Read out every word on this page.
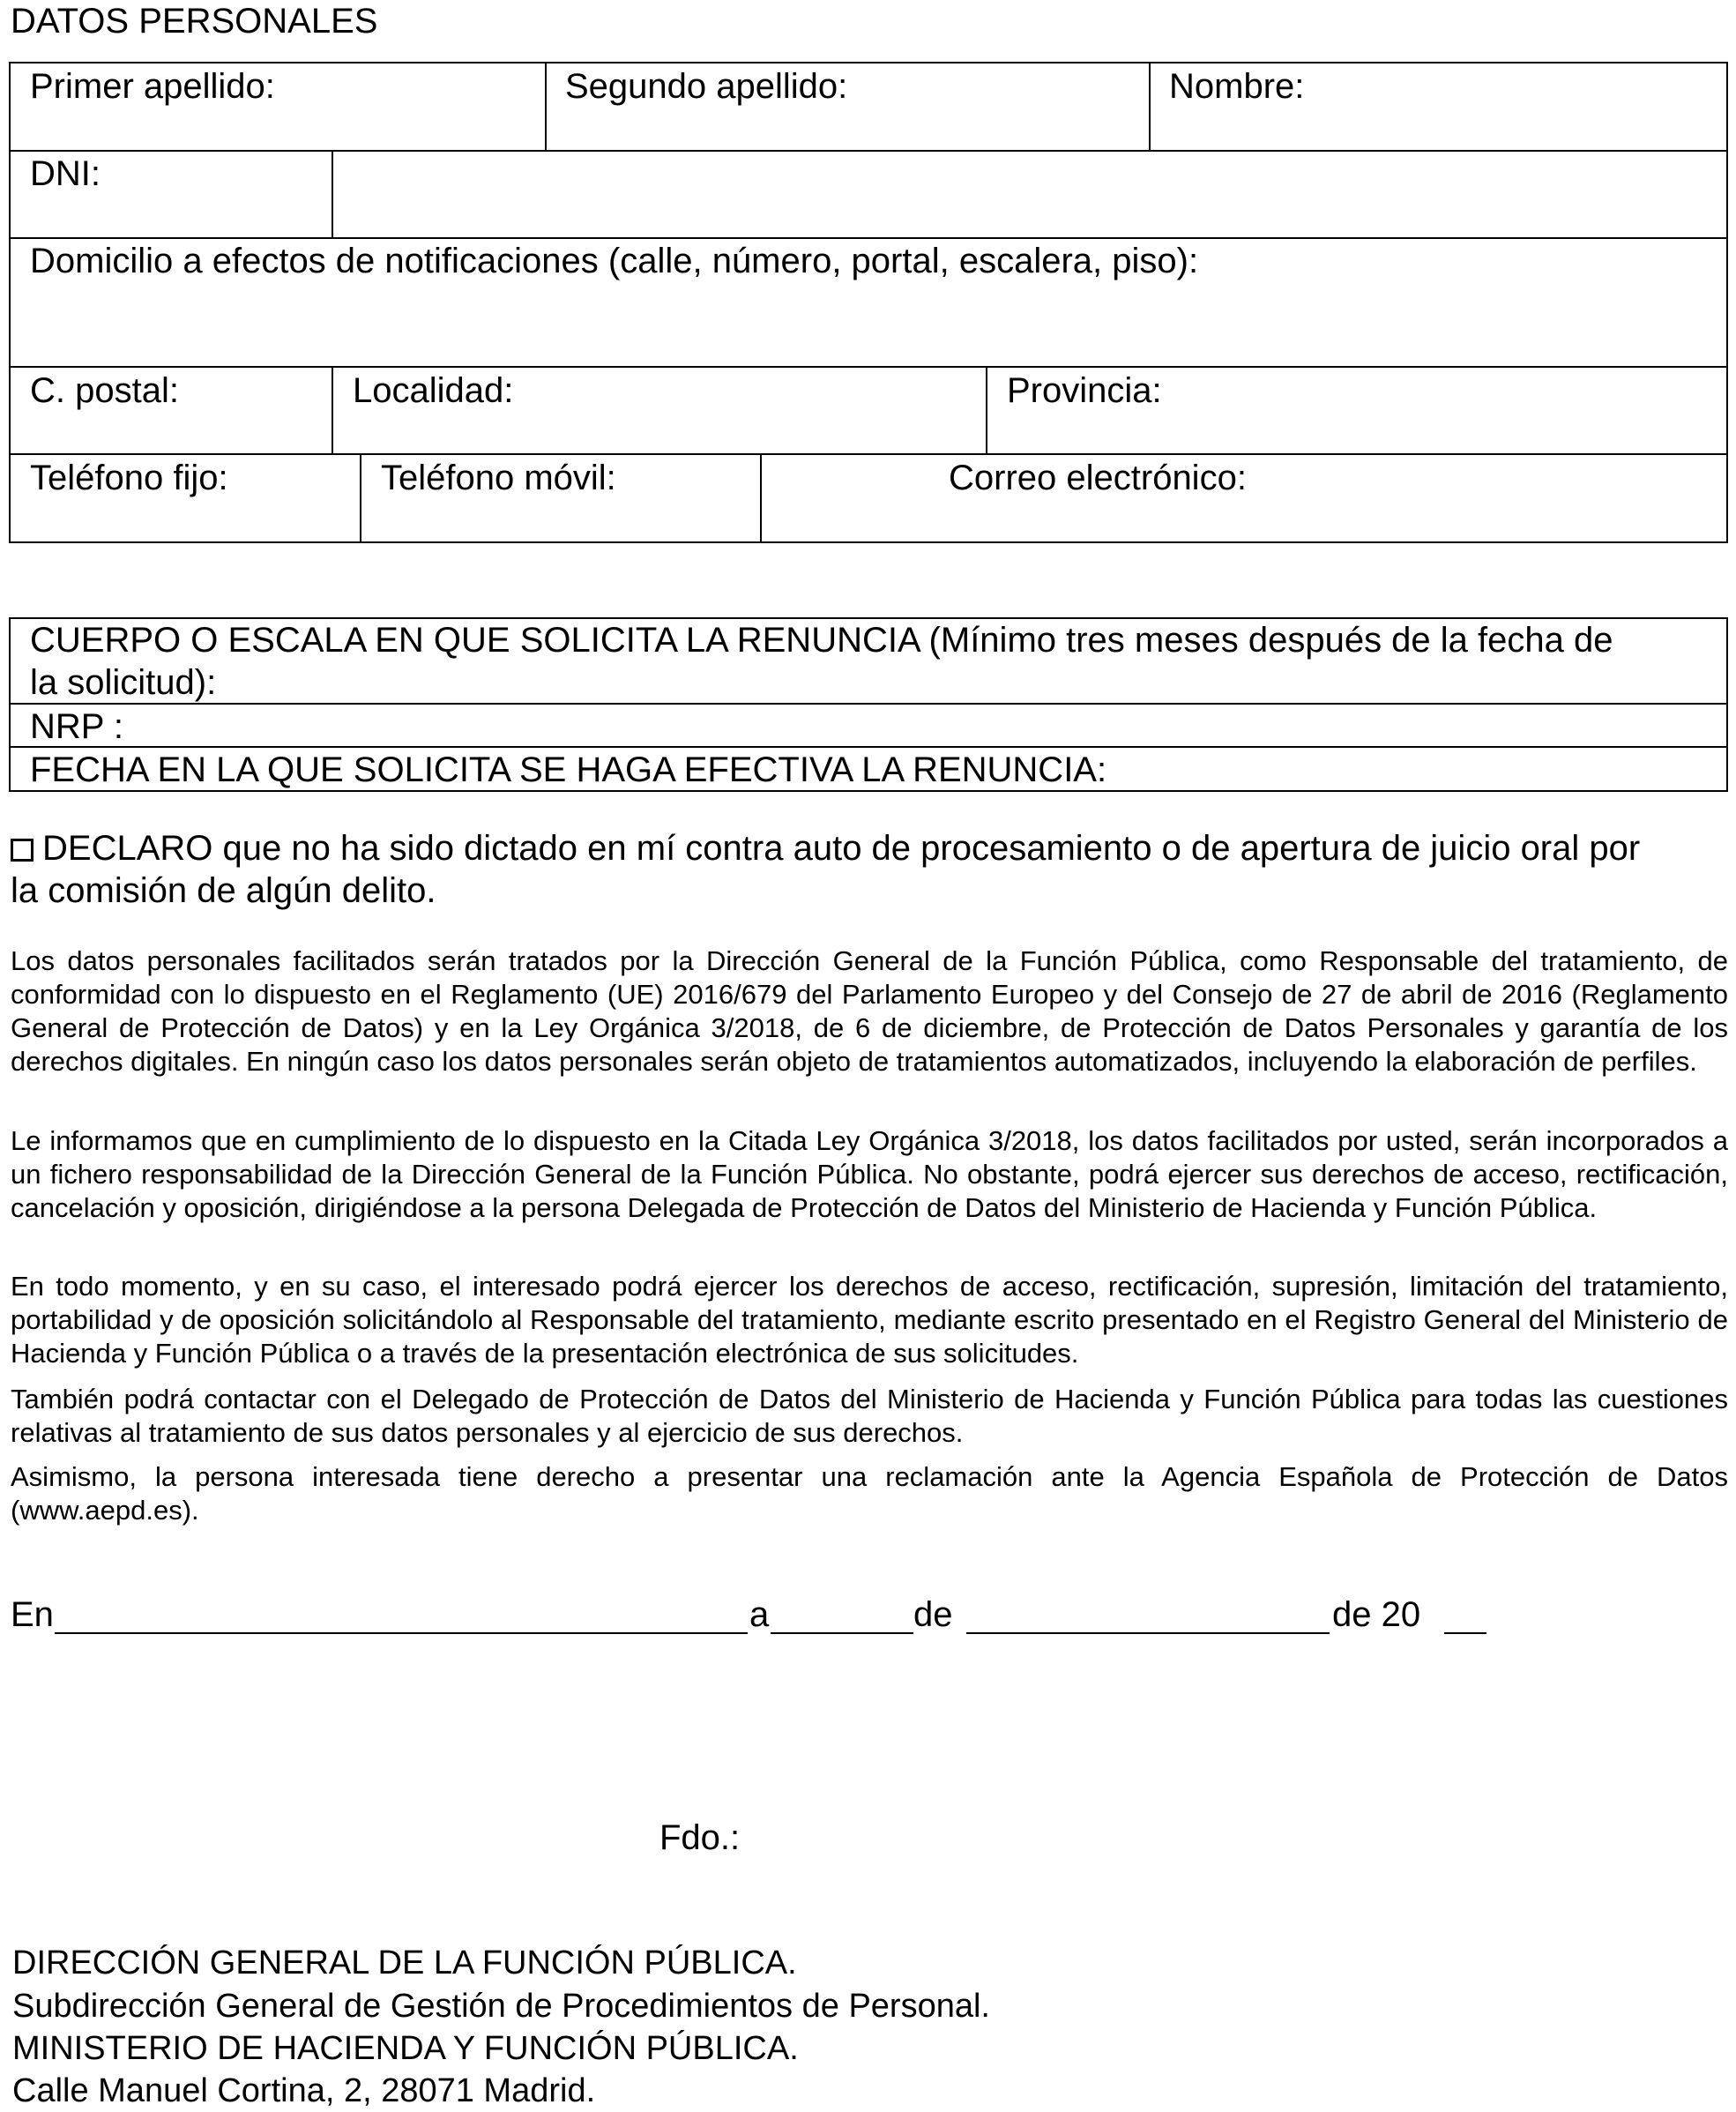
DATOS PERSONALES
Primer apellido:	Segundo apellido:	Nombre:
DNI:
Domicilio a efectos de notificaciones (calle, número, portal, escalera, piso):
C. postal:	Localidad:	Provincia:
Teléfono fijo:	Teléfono móvil:	Correo electrónico:
CUERPO O ESCALA EN QUE SOLICITA LA RENUNCIA (Mínimo tres meses después de la fecha de
la solicitud):
NRP :
FECHA EN LA QUE SOLICITA SE HAGA EFECTIVA LA RENUNCIA:
DECLARO que no ha sido dictado en mí contra auto de procesamiento o de apertura de juicio oral por
la comisión de algún delito.
Los datos personales facilitados serán tratados por la Dirección General de la Función Pública, como Responsable del tratamiento, de conformidad con lo dispuesto en el Reglamento (UE) 2016/679 del Parlamento Europeo y del Consejo de 27 de abril de 2016 (Reglamento General de Protección de Datos) y en la Ley Orgánica 3/2018, de 6 de diciembre, de Protección de Datos Personales y garantía de los derechos digitales. En ningún caso los datos personales serán objeto de tratamientos automatizados, incluyendo la elaboración de perfiles.
Le informamos que en cumplimiento de lo dispuesto en la Citada Ley Orgánica 3/2018, los datos facilitados por usted, serán incorporados a un fichero responsabilidad de la Dirección General de la Función Pública. No obstante, podrá ejercer sus derechos de acceso, rectificación, cancelación y oposición, dirigiéndose a la persona Delegada de Protección de Datos del Ministerio de Hacienda y Función Pública.
En todo momento, y en su caso, el interesado podrá ejercer los derechos de acceso, rectificación, supresión, limitación del tratamiento, portabilidad y de oposición solicitándolo al Responsable del tratamiento, mediante escrito presentado en el Registro General del Ministerio de Hacienda y Función Pública o a través de la presentación electrónica de sus solicitudes.
También podrá contactar con el Delegado de Protección de Datos del Ministerio de Hacienda y Función Pública para todas las cuestiones relativas al tratamiento de sus datos personales y al ejercicio de sus derechos.
Asimismo, la persona interesada tiene derecho a presentar una reclamación ante la Agencia Española de Protección de Datos (www.aepd.es).
En	a	de	de 20
Fdo.:
DIRECCIÓN GENERAL DE LA FUNCIÓN PÚBLICA.
Subdirección General de Gestión de Procedimientos de Personal.
MINISTERIO DE HACIENDA Y FUNCIÓN PÚBLICA.
Calle Manuel Cortina, 2, 28071 Madrid.
